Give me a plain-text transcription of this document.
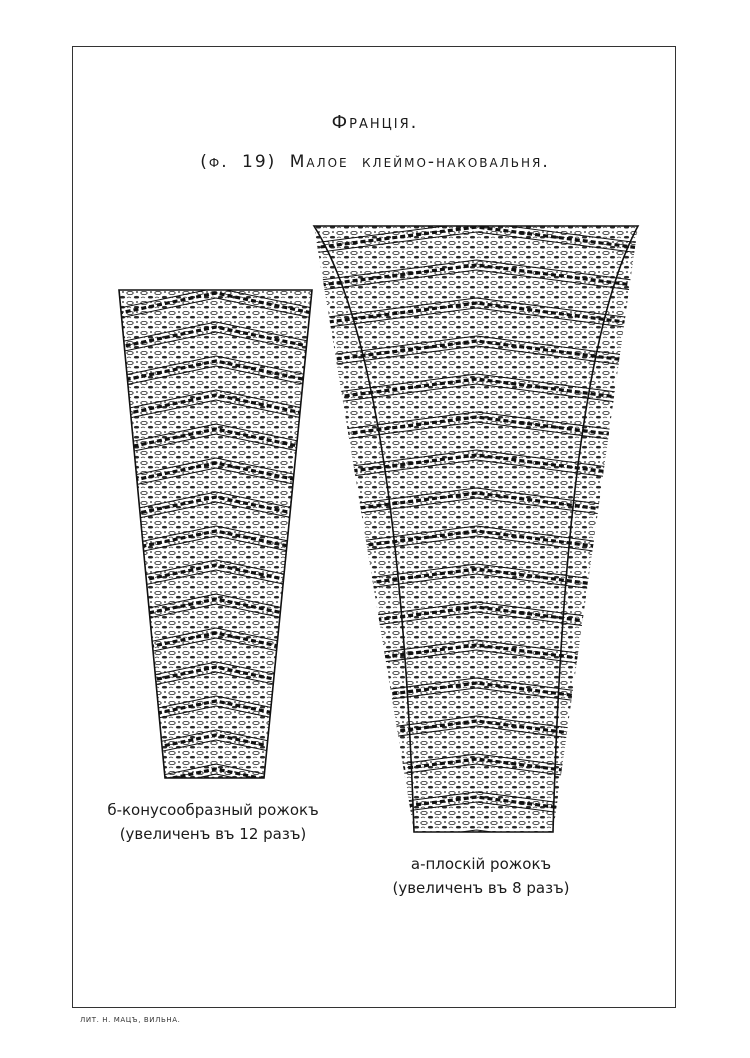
Франція.
(ф. 19) Малое клеймо-наковальня.
б-конусообразный рожокъ
(увеличенъ въ 12 разъ)
а-плоскій рожокъ
(увеличенъ въ 8 разъ)
ЛИТ. Н. МАЦЪ, ВИЛЬНА.
